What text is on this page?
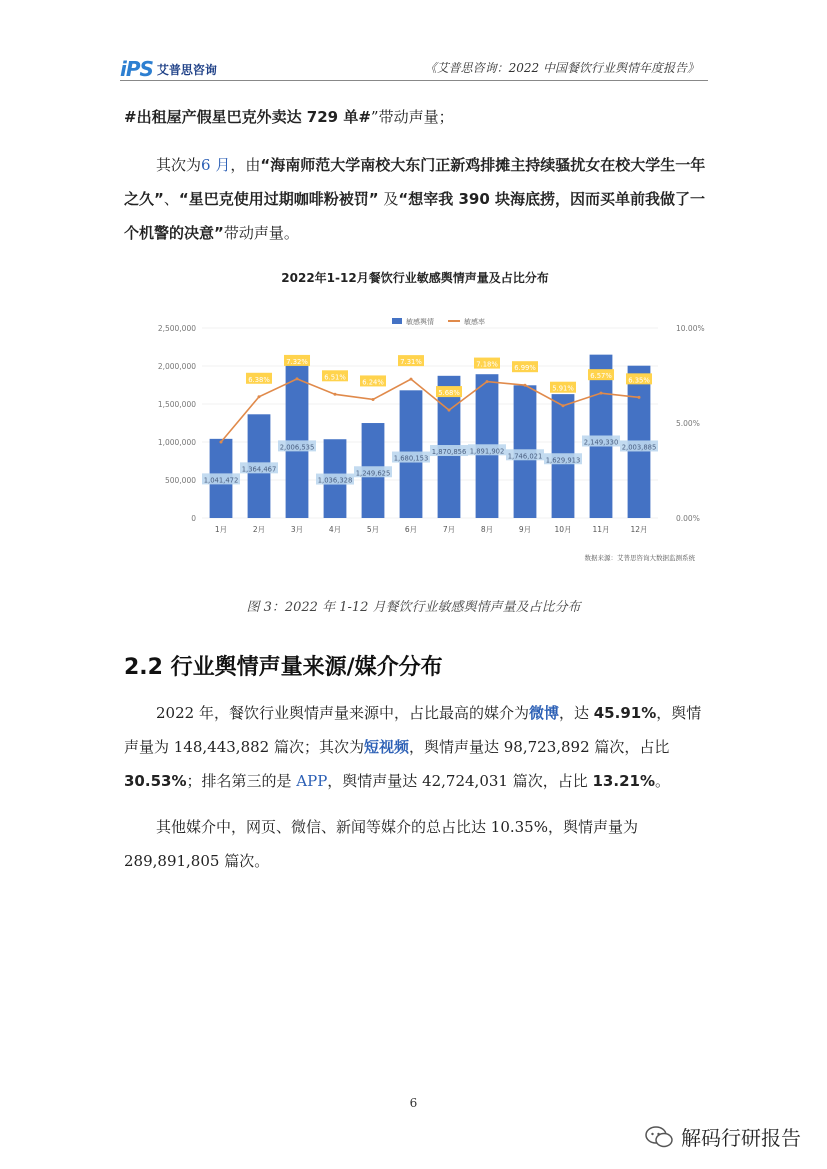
iPS 艾普思咨询	《艾普思咨询：2022 中国餐饮行业舆情年度报告》
#出租屋产假星巴克外卖达 729 单#”带动声量；
其次为6 月，由“海南师范大学南校大东门正新鸡排摊主持续骚扰女在校大学生一年之久”、“星巴克使用过期咖啡粉被罚” 及“想宰我 390 块海底捞，因而买单前我做了一个机警的决意”带动声量。
2022年1-12月餐饮行业敏感舆情声量及占比分布
敏感舆情	敏感率
0
500,000
1,000,000
1,500,000
2,000,000
2,500,000
0.00%
5.00%
10.00%
1月	2月	3月	4月	5月	6月	7月	8月	9月	10月	11月	12月
1,041,472
1,364,467
2,006,535
1,036,328
1,249,625
1,680,153
1,870,856 1,891,902
1,746,021 1,629,913
2,149,330
2,003,885
6.38%
7.32%
6.51%
6.24%
7.31%
5.68%
7.18% 6.99%
5.91%
6.57%
6.35%
数据来源：艾普思咨询大数据监测系统
图 3：2022 年 1-12 月餐饮行业敏感舆情声量及占比分布
2.2 行业舆情声量来源/媒介分布
2022 年，餐饮行业舆情声量来源中，占比最高的媒介为微博，达 45.91%，舆情声量为 148,443,882 篇次；其次为短视频，舆情声量达 98,723,892 篇次，占比 30.53%；排名第三的是 APP，舆情声量达 42,724,031 篇次，占比 13.21%。
其他媒介中，网页、微信、新闻等媒介的总占比达 10.35%，舆情声量为 289,891,805 篇次。
6
解码行研报告
